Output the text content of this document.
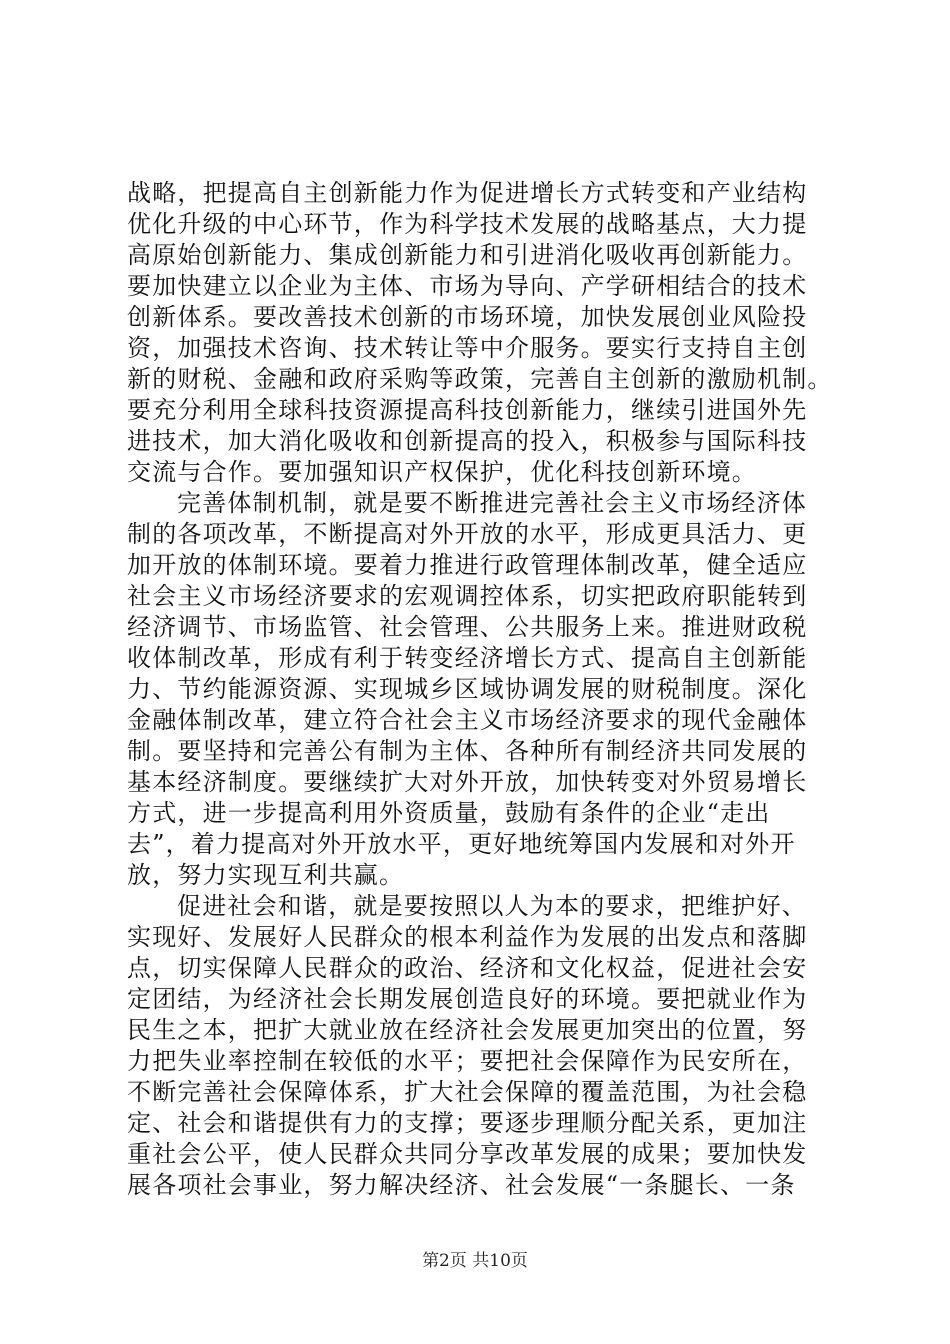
战略，把提高自主创新能力作为促进增长方式转变和产业结构
优化升级的中心环节，作为科学技术发展的战略基点，大力提
高原始创新能力、集成创新能力和引进消化吸收再创新能力。
要加快建立以企业为主体、市场为导向、产学研相结合的技术
创新体系。要改善技术创新的市场环境，加快发展创业风险投
资，加强技术咨询、技术转让等中介服务。要实行支持自主创
新的财税、金融和政府采购等政策，完善自主创新的激励机制。
要充分利用全球科技资源提高科技创新能力，继续引进国外先
进技术，加大消化吸收和创新提高的投入，积极参与国际科技
交流与合作。要加强知识产权保护，优化科技创新环境。
完善体制机制，就是要不断推进完善社会主义市场经济体
制的各项改革，不断提高对外开放的水平，形成更具活力、更
加开放的体制环境。要着力推进行政管理体制改革，健全适应
社会主义市场经济要求的宏观调控体系，切实把政府职能转到
经济调节、市场监管、社会管理、公共服务上来。推进财政税
收体制改革，形成有利于转变经济增长方式、提高自主创新能
力、节约能源资源、实现城乡区域协调发展的财税制度。深化
金融体制改革，建立符合社会主义市场经济要求的现代金融体
制。要坚持和完善公有制为主体、各种所有制经济共同发展的
基本经济制度。要继续扩大对外开放，加快转变对外贸易增长
方式，进一步提高利用外资质量，鼓励有条件的企业“走出
去”，着力提高对外开放水平，更好地统筹国内发展和对外开
放，努力实现互利共赢。
促进社会和谐，就是要按照以人为本的要求，把维护好、
实现好、发展好人民群众的根本利益作为发展的出发点和落脚
点，切实保障人民群众的政治、经济和文化权益，促进社会安
定团结，为经济社会长期发展创造良好的环境。要把就业作为
民生之本，把扩大就业放在经济社会发展更加突出的位置，努
力把失业率控制在较低的水平；要把社会保障作为民安所在，
不断完善社会保障体系，扩大社会保障的覆盖范围，为社会稳
定、社会和谐提供有力的支撑；要逐步理顺分配关系，更加注
重社会公平，使人民群众共同分享改革发展的成果；要加快发
展各项社会事业，努力解决经济、社会发展“一条腿长、一条
第2页 共10页
